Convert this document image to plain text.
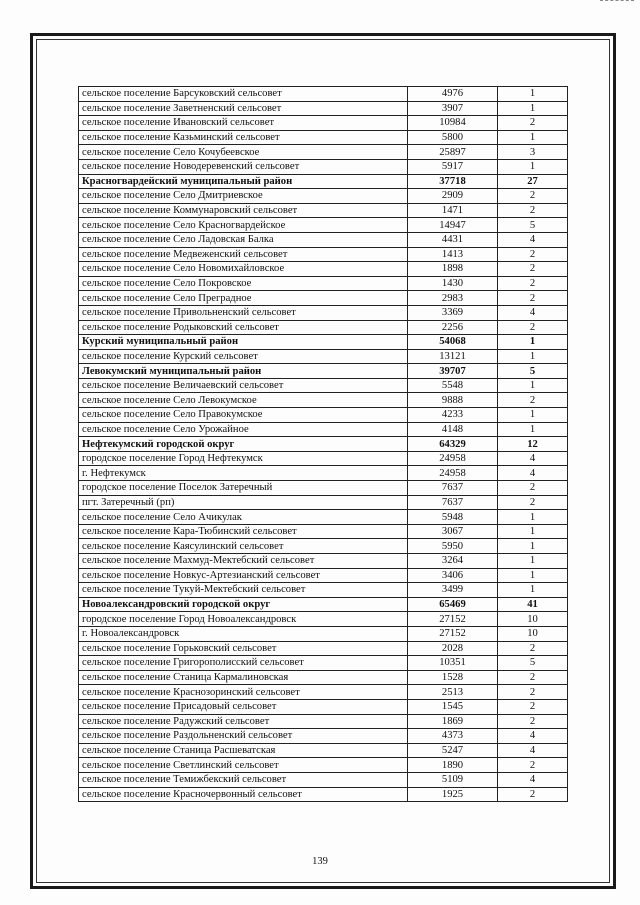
сельское поселение Барсуковский сельсовет	4976	1
сельское поселение Заветненский сельсовет	3907	1
сельское поселение Ивановский сельсовет	10984	2
сельское поселение Казьминский сельсовет	5800	1
сельское поселение Село Кочубеевское	25897	3
сельское поселение Новодеревенский сельсовет	5917	1
Красногвардейский муниципальный район	37718	27
сельское поселение Село Дмитриевское	2909	2
сельское поселение Коммунаровский сельсовет	1471	2
сельское поселение Село Красногвардейское	14947	5
сельское поселение Село Ладовская Балка	4431	4
сельское поселение Медвеженский сельсовет	1413	2
сельское поселение Село Новомихайловское	1898	2
сельское поселение Село Покровское	1430	2
сельское поселение Село Преградное	2983	2
сельское поселение Привольненский сельсовет	3369	4
сельское поселение Родыковский сельсовет	2256	2
Курский муниципальный район	54068	1
сельское поселение Курский сельсовет	13121	1
Левокумский муниципальный район	39707	5
сельское поселение Величаевский сельсовет	5548	1
сельское поселение Село Левокумское	9888	2
сельское поселение Село Правокумское	4233	1
сельское поселение Село Урожайное	4148	1
Нефтекумский городской округ	64329	12
городское поселение Город Нефтекумск	24958	4
г. Нефтекумск	24958	4
городское поселение Поселок Затеречный	7637	2
пгт. Затеречный (рп)	7637	2
сельское поселение Село Ачикулак	5948	1
сельское поселение Кара-Тюбинский сельсовет	3067	1
сельское поселение Каясулинский сельсовет	5950	1
сельское поселение Махмуд-Мектебский сельсовет	3264	1
сельское поселение Новкус-Артезианский сельсовет	3406	1
сельское поселение Тукуй-Мектебский сельсовет	3499	1
Новоалександровский городской округ	65469	41
городское поселение Город Новоалександровск	27152	10
г. Новоалександровск	27152	10
сельское поселение Горьковский сельсовет	2028	2
сельское поселение Григорополисский сельсовет	10351	5
сельское поселение Станица Кармалиновская	1528	2
сельское поселение Краснозоринский сельсовет	2513	2
сельское поселение Присадовый сельсовет	1545	2
сельское поселение Радужский сельсовет	1869	2
сельское поселение Раздольненский сельсовет	4373	4
сельское поселение Станица Расшеватская	5247	4
сельское поселение Светлинский сельсовет	1890	2
сельское поселение Темижбекский сельсовет	5109	4
сельское поселение Красночервонный сельсовет	1925	2
139
